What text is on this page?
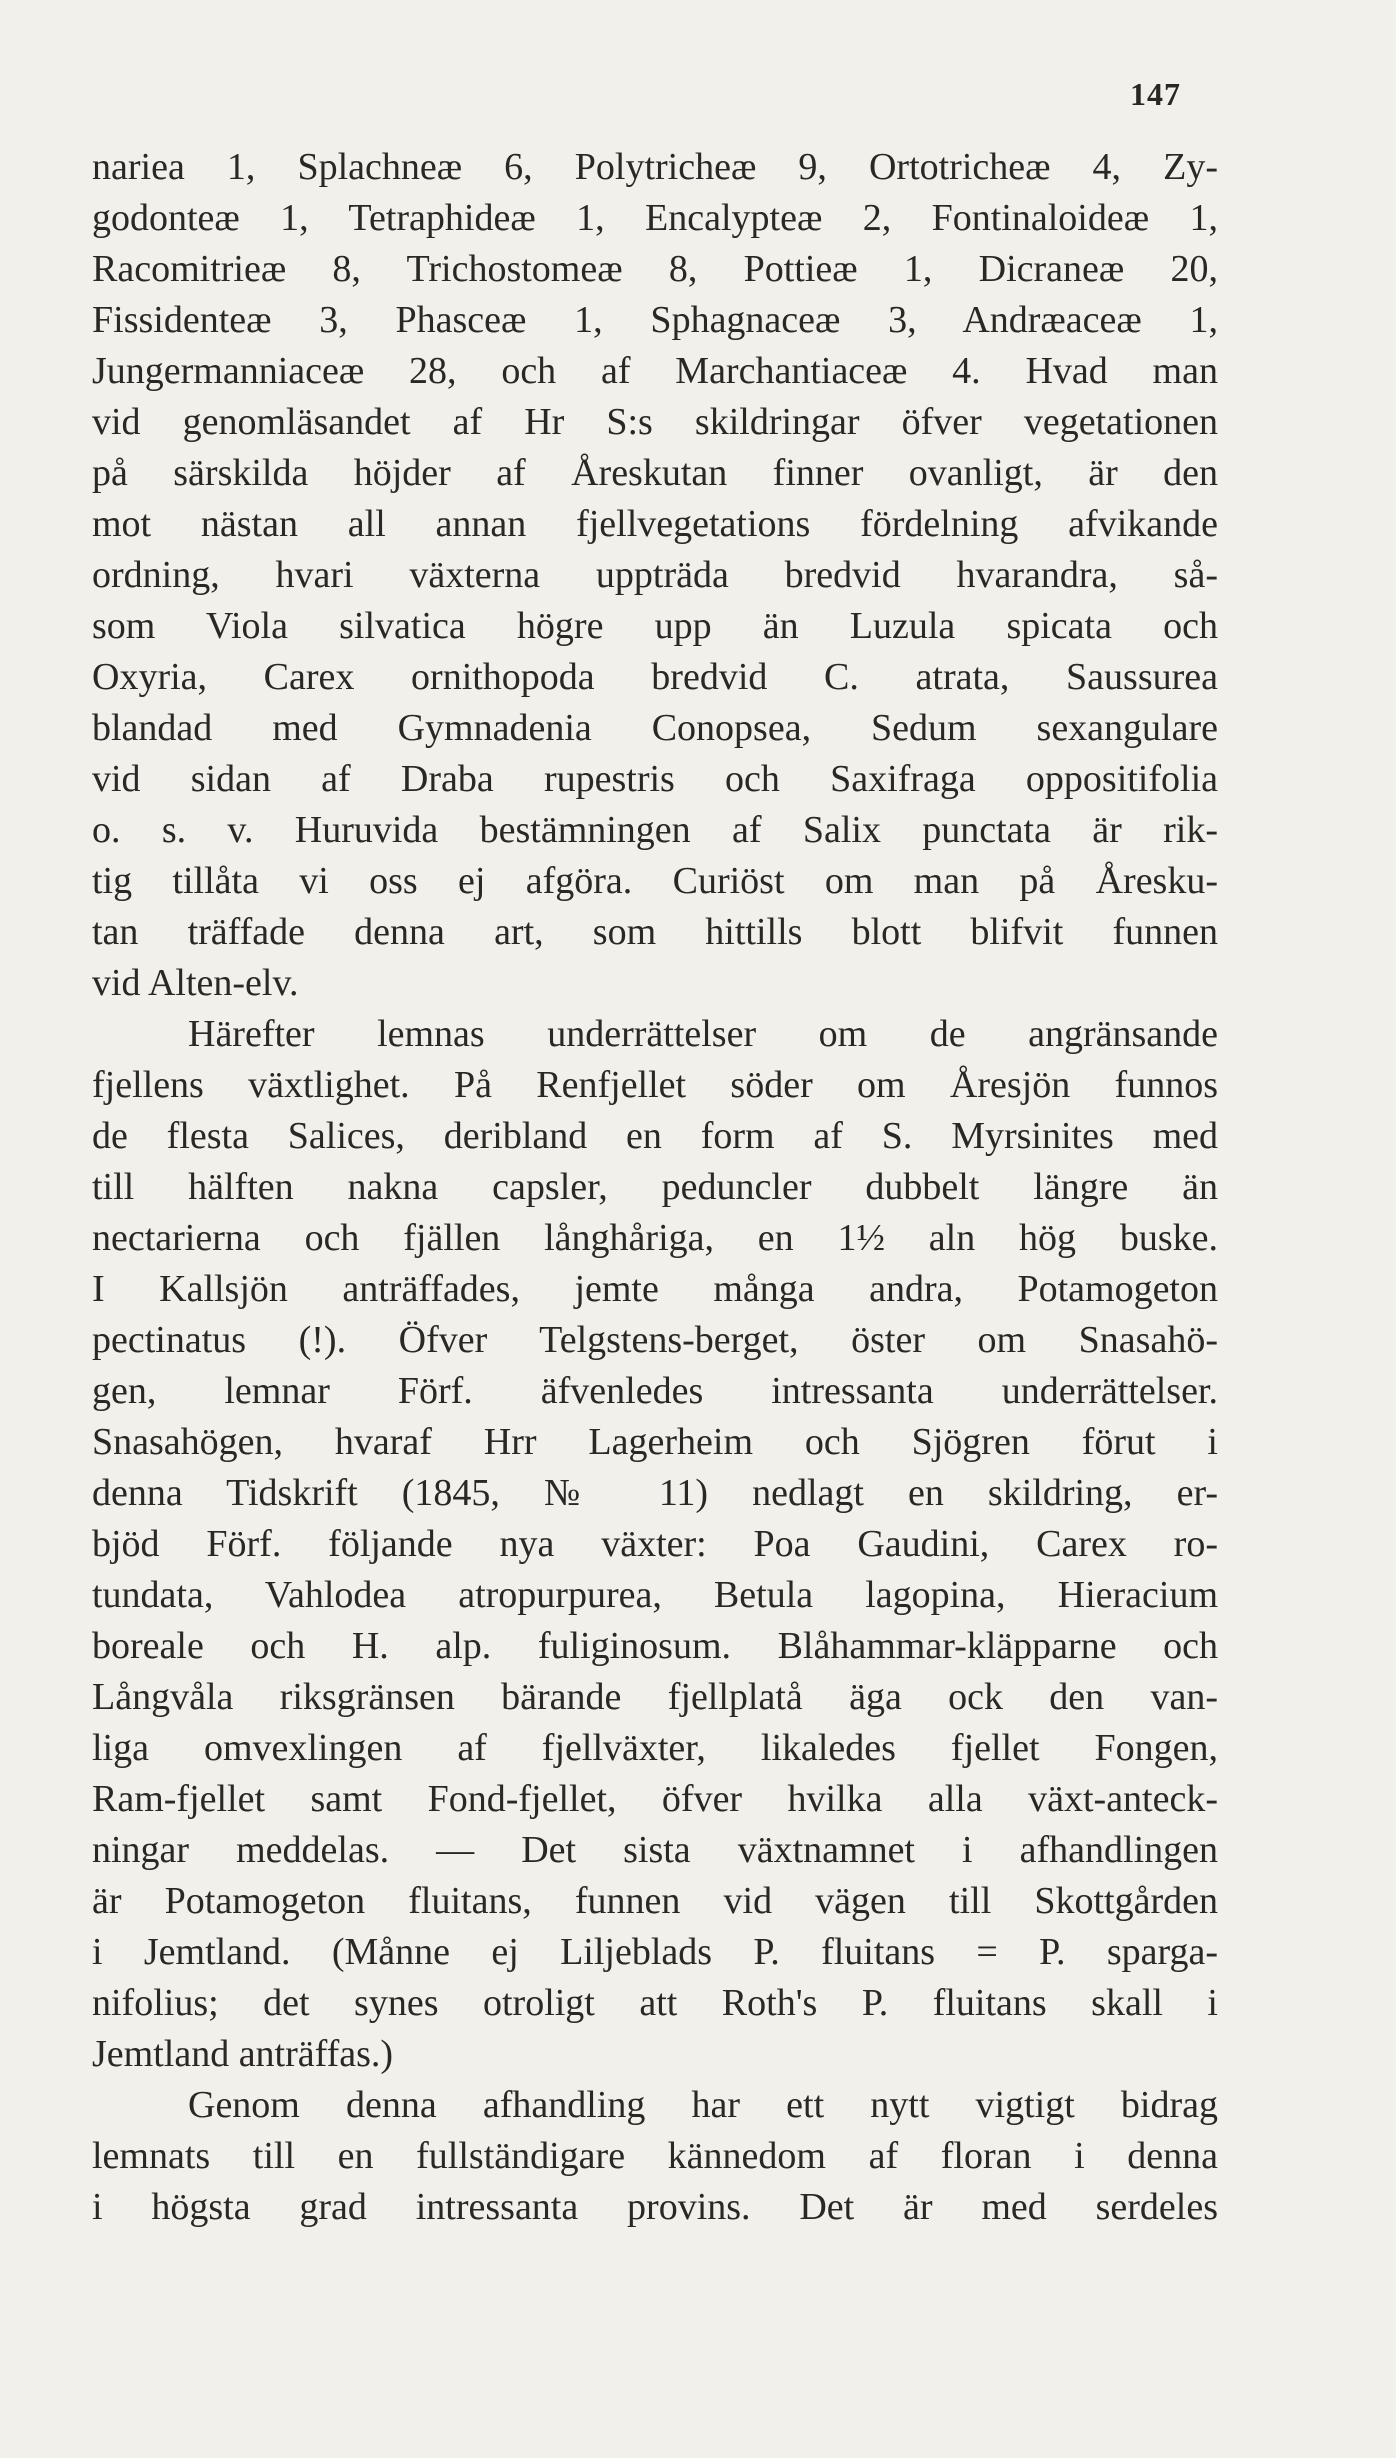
147
nariea 1, Splachneæ 6, Polytricheæ 9, Ortotricheæ 4, Zy-
godonteæ 1, Tetraphideæ 1, Encalypteæ 2, Fontinaloideæ 1,
Racomitrieæ 8, Trichostomeæ 8, Pottieæ 1, Dicraneæ 20,
Fissidenteæ 3, Phasceæ 1, Sphagnaceæ 3, Andræaceæ 1,
Jungermanniaceæ 28, och af Marchantiaceæ 4. Hvad man
vid genomläsandet af Hr S:s skildringar öfver vegetationen
på särskilda höjder af Åreskutan finner ovanligt, är den
mot nästan all annan fjellvegetations fördelning afvikande
ordning, hvari växterna uppträda bredvid hvarandra, så-
som Viola silvatica högre upp än Luzula spicata och
Oxyria, Carex ornithopoda bredvid C. atrata, Saussurea
blandad med Gymnadenia Conopsea, Sedum sexangulare
vid sidan af Draba rupestris och Saxifraga oppositifolia
o. s. v. Huruvida bestämningen af Salix punctata är rik-
tig tillåta vi oss ej afgöra. Curiöst om man på Åresku-
tan träffade denna art, som hittills blott blifvit funnen
vid Alten-elv.
Härefter lemnas underrättelser om de angränsande
fjellens växtlighet. På Renfjellet söder om Åresjön funnos
de flesta Salices, deribland en form af S. Myrsinites med
till hälften nakna capsler, peduncler dubbelt längre än
nectarierna och fjällen långhåriga, en 1½ aln hög buske.
I Kallsjön anträffades, jemte många andra, Potamogeton
pectinatus (!). Öfver Telgstens-berget, öster om Snasahö-
gen, lemnar Förf. äfvenledes intressanta underrättelser.
Snasahögen, hvaraf Hrr Lagerheim och Sjögren förut i
denna Tidskrift (1845, № 11) nedlagt en skildring, er-
bjöd Förf. följande nya växter: Poa Gaudini, Carex ro-
tundata, Vahlodea atropurpurea, Betula lagopina, Hieracium
boreale och H. alp. fuliginosum. Blåhammar-kläpparne och
Långvåla riksgränsen bärande fjellplatå äga ock den van-
liga omvexlingen af fjellväxter, likaledes fjellet Fongen,
Ram-fjellet samt Fond-fjellet, öfver hvilka alla växt-anteck-
ningar meddelas. — Det sista växtnamnet i afhandlingen
är Potamogeton fluitans, funnen vid vägen till Skottgården
i Jemtland. (Månne ej Liljeblads P. fluitans = P. sparga-
nifolius; det synes otroligt att Roth's P. fluitans skall i
Jemtland anträffas.)
Genom denna afhandling har ett nytt vigtigt bidrag
lemnats till en fullständigare kännedom af floran i denna
i högsta grad intressanta provins. Det är med serdeles
